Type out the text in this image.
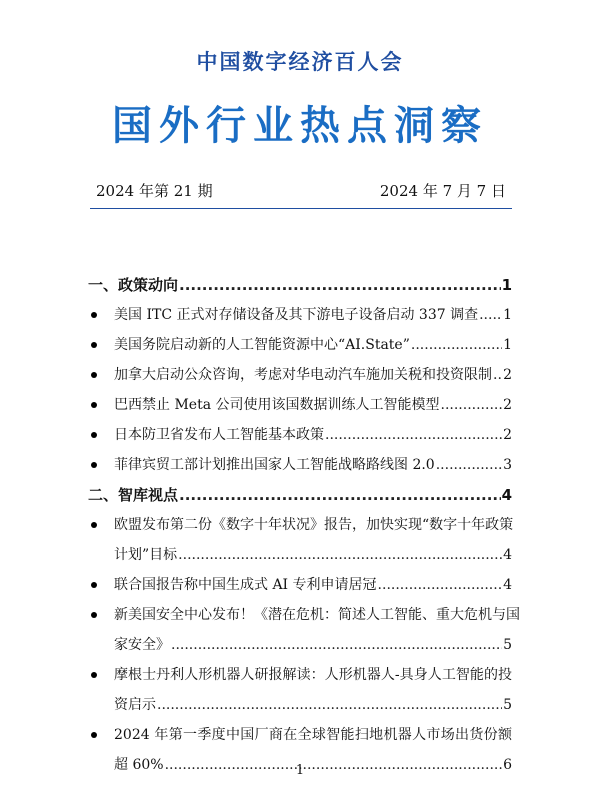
中国数字经济百人会
国外行业热点洞察
2024 年第 21 期	2024 年 7 月 7 日
一、政策动向 .....	1
美国 ITC 正式对存储设备及其下游电子设备启动 337 调查 ..... 1
美国务院启动新的人工智能资源中心“AI.State” .....	1
加拿大启动公众咨询，考虑对华电动汽车施加关税和投资限制 ..... 2
巴西禁止 Meta 公司使用该国数据训练人工智能模型 .....	2
日本防卫省发布人工智能基本政策 .....	2
菲律宾贸工部计划推出国家人工智能战略路线图 2.0 .....	3
二、智库视点 .....	4
欧盟发布第二份《数字十年状况》报告，加快实现“数字十年政策
计划”目标 .....	4
联合国报告称中国生成式 AI 专利申请居冠 .....	4
新美国安全中心发布！《潜在危机：简述人工智能、重大危机与国
家安全》 .....	5
摩根士丹利人形机器人研报解读：人形机器人-具身人工智能的投
资启示 .....	5
2024 年第一季度中国厂商在全球智能扫地机器人市场出货份额
超 60% .....	6
1
